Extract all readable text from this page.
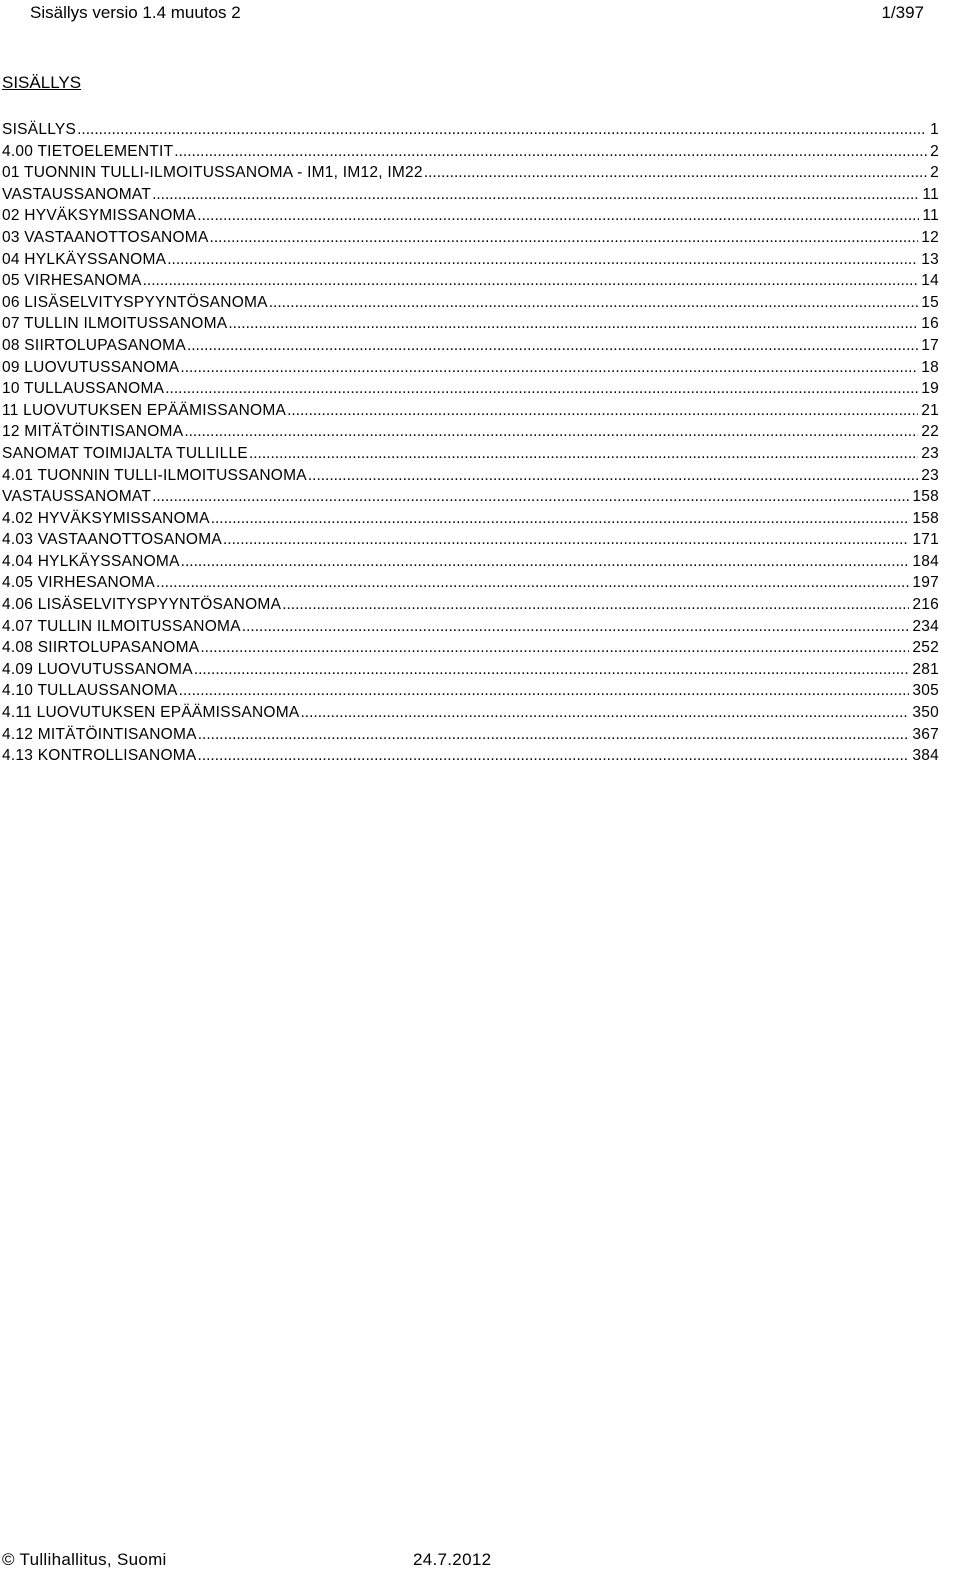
Sisällys versio 1.4 muutos 2	1/397
SISÄLLYS
SISÄLLYS .....	1
4.00 TIETOELEMENTIT .....	2
01 TUONNIN TULLI-ILMOITUSSANOMA - IM1, IM12, IM22 .....	2
VASTAUSSANOMAT .....	11
02 HYVÄKSYMISSANOMA .....	11
03 VASTAANOTTOSANOMA .....	12
04 HYLKÄYSSANOMA .....	13
05 VIRHESANOMA .....	14
06 LISÄSELVITYSPYYNTÖSANOMA .....	15
07 TULLIN ILMOITUSSANOMA .....	16
08 SIIRTOLUPASANOMA .....	17
09 LUOVUTUSSANOMA .....	18
10 TULLAUSSANOMA .....	19
11 LUOVUTUKSEN EPÄÄMISSANOMA .....	21
12 MITÄTÖINTISANOMA .....	22
SANOMAT TOIMIJALTA TULLILLE .....	23
4.01 TUONNIN TULLI-ILMOITUSSANOMA .....	23
VASTAUSSANOMAT .....	158
4.02 HYVÄKSYMISSANOMA .....	158
4.03 VASTAANOTTOSANOMA .....	171
4.04 HYLKÄYSSANOMA .....	184
4.05 VIRHESANOMA .....	197
4.06 LISÄSELVITYSPYYNTÖSANOMA .....	216
4.07 TULLIN ILMOITUSSANOMA .....	234
4.08 SIIRTOLUPASANOMA .....	252
4.09 LUOVUTUSSANOMA .....	281
4.10 TULLAUSSANOMA .....	305
4.11 LUOVUTUKSEN EPÄÄMISSANOMA .....	350
4.12 MITÄTÖINTISANOMA .....	367
4.13 KONTROLLISANOMA .....	384
© Tullihallitus, Suomi	24.7.2012
